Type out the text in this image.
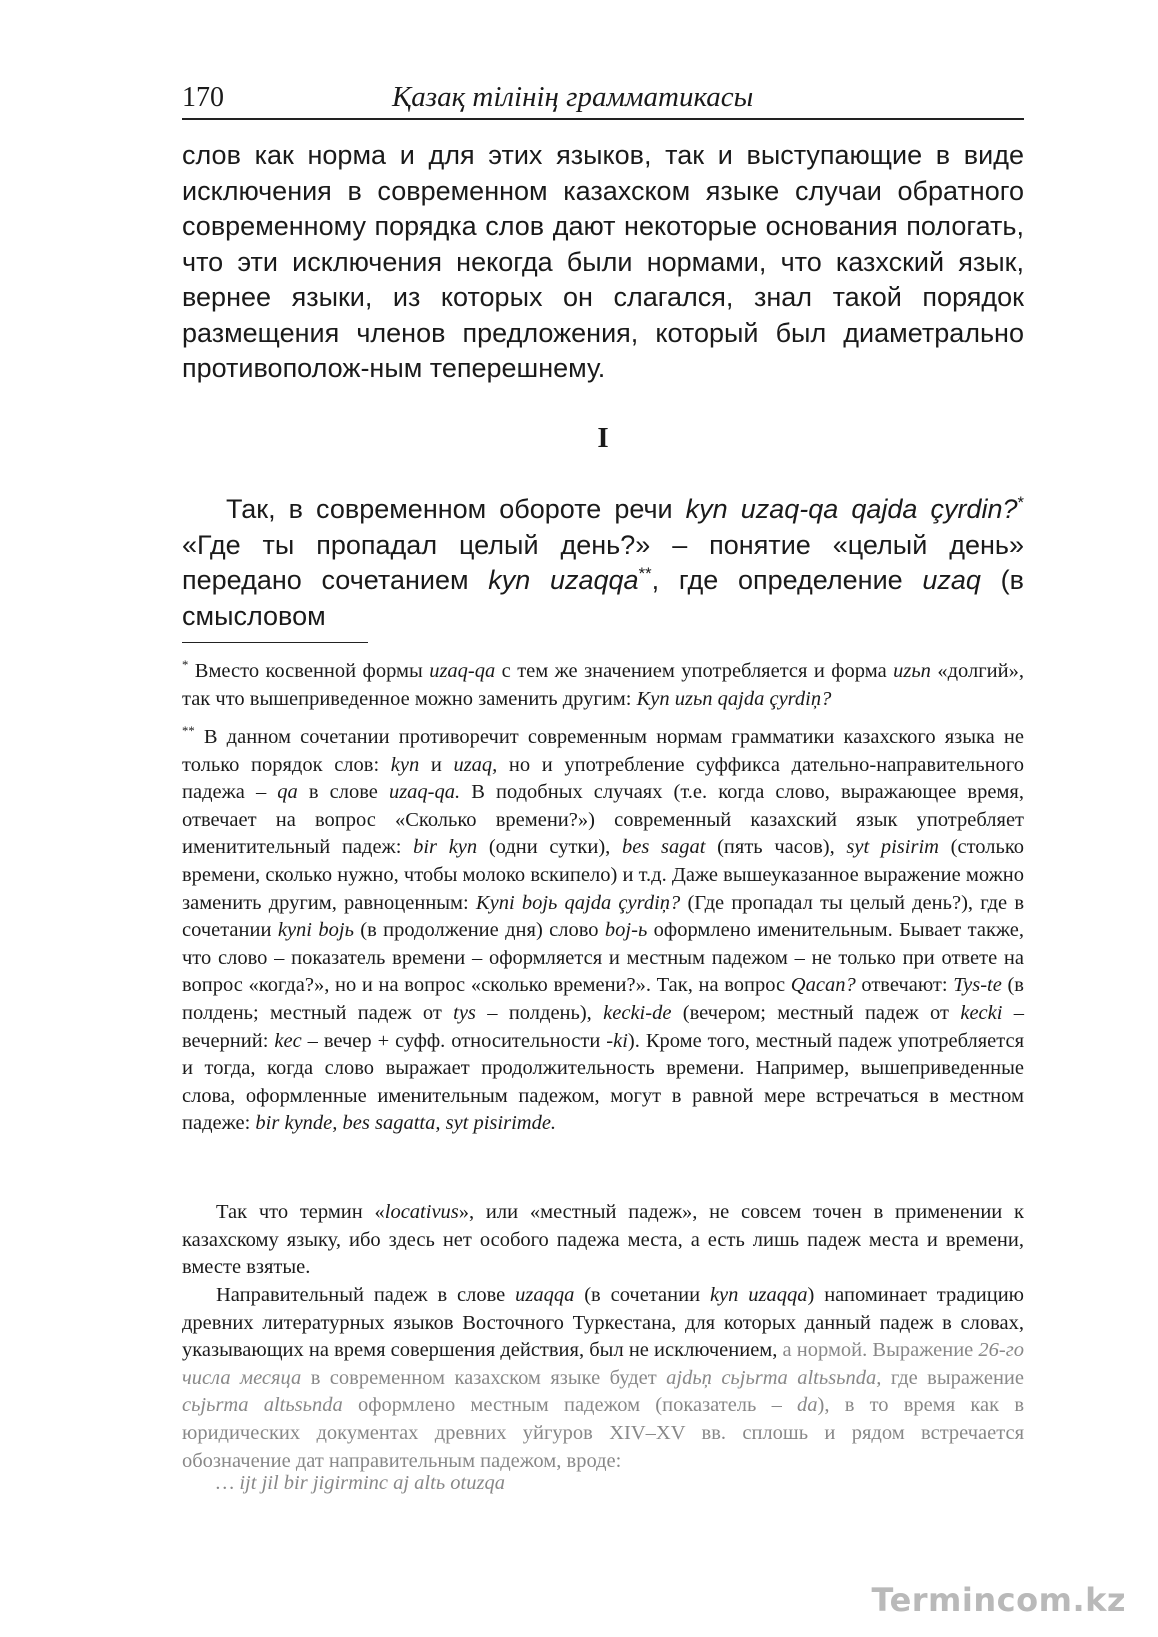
170	Қазақ тілінің грамматикасы

слов как норма и для этих языков, так и выступающие в виде исключения в современном казахском языке случаи обратного современному порядка слов дают некоторые основания пологать, что эти исключения некогда были нормами, что казхский язык, вернее языки, из которых он слагался, знал такой порядок размещения членов предложения, который был диаметрально противополож-ным теперешнему.

I

Так, в современном обороте речи kyn uzaq-qa qajda çyrdin?* «Где ты пропадал целый день?» – понятие «целый день» передано сочетанием kyn uzaqqa**, где определение uzaq (в смысловом

* Вместо косвенной формы uzaq-qa с тем же значением употребляется и форма uzьn «долгий», так что вышеприведенное можно заменить другим: Kyn uzьn qajda çyrdiņ?

** В данном сочетании противоречит современным нормам грамматики казахского языка не только порядок слов: kyn и uzaq, но и употребление суффикса дательно-направительного падежа – qa в слове uzaq-qa. В подобных случаях (т.е. когда слово, выражающее время, отвечает на вопрос «Сколько времени?») современный казахский язык употребляет именитительный падеж: bir kyn (одни сутки), bes sagat (пять часов), syt pisirim (столько времени, сколько нужно, чтобы молоко вскипело) и т.д. Даже вышеуказанное выражение можно заменить другим, равноценным: Kyni bojь qajda çyrdiņ? (Где пропадал ты целый день?), где в сочетании kyni bojь (в продолжение дня) слово boj-ь оформлено именительным. Бывает также, что слово – показатель времени – оформляется и местным падежом – не только при ответе на вопрос «когда?», но и на вопрос «сколько времени?». Так, на вопрос Qacan? отвечают: Tys-te (в полдень; местный падеж от tys – полдень), kecki-de (вечером; местный падеж от kecki – вечерний: kec – вечер + суфф. относительности -ki). Кроме того, местный падеж употребляется и тогда, когда слово выражает продолжительность времени. Например, вышеприведенные слова, оформленные именительным падежом, могут в равной мере встречаться в местном падеже: bir kynde, bes sagatta, syt pisirimde.

Так что термин «locativus», или «местный падеж», не совсем точен в применении к казахскому языку, ибо здесь нет особого падежа места, а есть лишь падеж места и времени, вместе взятые.

Направительный падеж в слове uzaqqa (в сочетании kyn uzaqqa) напоминает традицию древних литературных языков Восточного Туркестана, для которых данный падеж в словах, указывающих на время совершения действия, был не исключением, а нормой. Выражение 26-го числа месяца в современном казахском языке будет ajdьņ сьjьrma altьsьnda, где выражение сьjьrma altьsьnda оформлено местным падежом (показатель – da), в то время как в юридических документах древних уйгуров XIV–XV вв. сплошь и рядом встречается обозначение дат направительным падежом, вроде:

… ijt jil bir jigirminc aj altь otuzqa

Termincom.kz
